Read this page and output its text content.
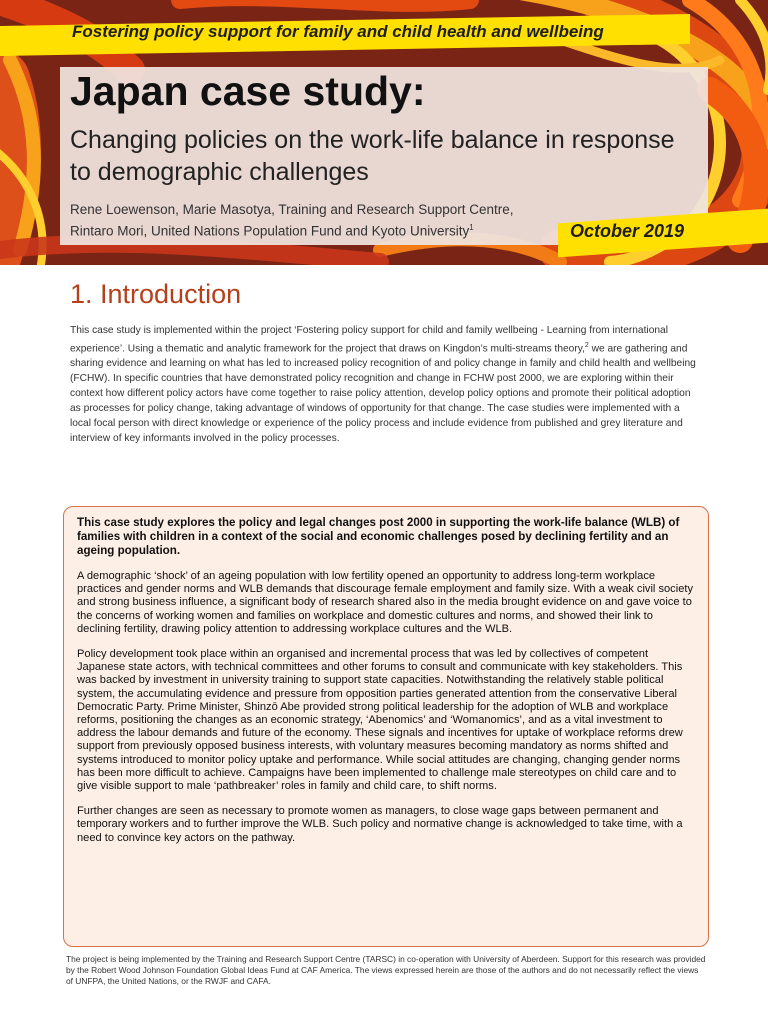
Fostering policy support for family and child health and wellbeing
Japan case study:
Changing policies on the work-life balance in response to demographic challenges
Rene Loewenson, Marie Masotya, Training and Research Support Centre,
Rintaro Mori, United Nations Population Fund and Kyoto University$^1$	October 2019
1. Introduction
This case study is implemented within the project ‘Fostering policy support for child and family wellbeing - Learning from international experience’. Using a thematic and analytic framework for the project that draws on Kingdon’s multi-streams theory,$^2$ we are gathering and sharing evidence and learning on what has led to increased policy recognition of and policy change in family and child health and wellbeing (FCHW). In specific countries that have demonstrated policy recognition and change in FCHW post 2000, we are exploring within their context how different policy actors have come together to raise policy attention, develop policy options and promote their political adoption as processes for policy change, taking advantage of windows of opportunity for that change. The case studies were implemented with a local focal person with direct knowledge or experience of the policy process and include evidence from published and grey literature and interview of key informants involved in the policy processes.

This case study explores the policy and legal changes post 2000 in supporting the work-life balance (WLB) of families with children in a context of the social and economic challenges posed by declining fertility and an ageing population.

A demographic ‘shock’ of an ageing population with low fertility opened an opportunity to address long-term workplace practices and gender norms and WLB demands that discourage female employment and family size. With a weak civil society and strong business influence, a significant body of research shared also in the media brought evidence on and gave voice to the concerns of working women and families on workplace and domestic cultures and norms, and showed their link to declining fertility, drawing policy attention to addressing workplace cultures and the WLB.

Policy development took place within an organised and incremental process that was led by collectives of competent Japanese state actors, with technical committees and other forums to consult and communicate with key stakeholders. This was backed by investment in university training to support state capacities. Notwithstanding the relatively stable political system, the accumulating evidence and pressure from opposition parties generated attention from the conservative Liberal Democratic Party. Prime Minister, Shinzō Abe provided strong political leadership for the adoption of WLB and workplace reforms, positioning the changes as an economic strategy, ‘Abenomics’ and ‘Womanomics’, and as a vital investment to address the labour demands and future of the economy. These signals and incentives for uptake of workplace reforms drew support from previously opposed business interests, with voluntary measures becoming mandatory as norms shifted and systems introduced to monitor policy uptake and performance. While social attitudes are changing, changing gender norms has been more difficult to achieve. Campaigns have been implemented to challenge male stereotypes on child care and to give visible support to male ‘pathbreaker’ roles in family and child care, to shift norms.

Further changes are seen as necessary to promote women as managers, to close wage gaps between permanent and temporary workers and to further improve the WLB. Such policy and normative change is acknowledged to take time, with a need to convince key actors on the pathway.

The project is being implemented by the Training and Research Support Centre (TARSC) in co-operation with University of Aberdeen. Support for this research was provided by the Robert Wood Johnson Foundation Global Ideas Fund at CAF America. The views expressed herein are those of the authors and do not necessarily reflect the views of UNFPA, the United Nations, or the RWJF and CAFA.
